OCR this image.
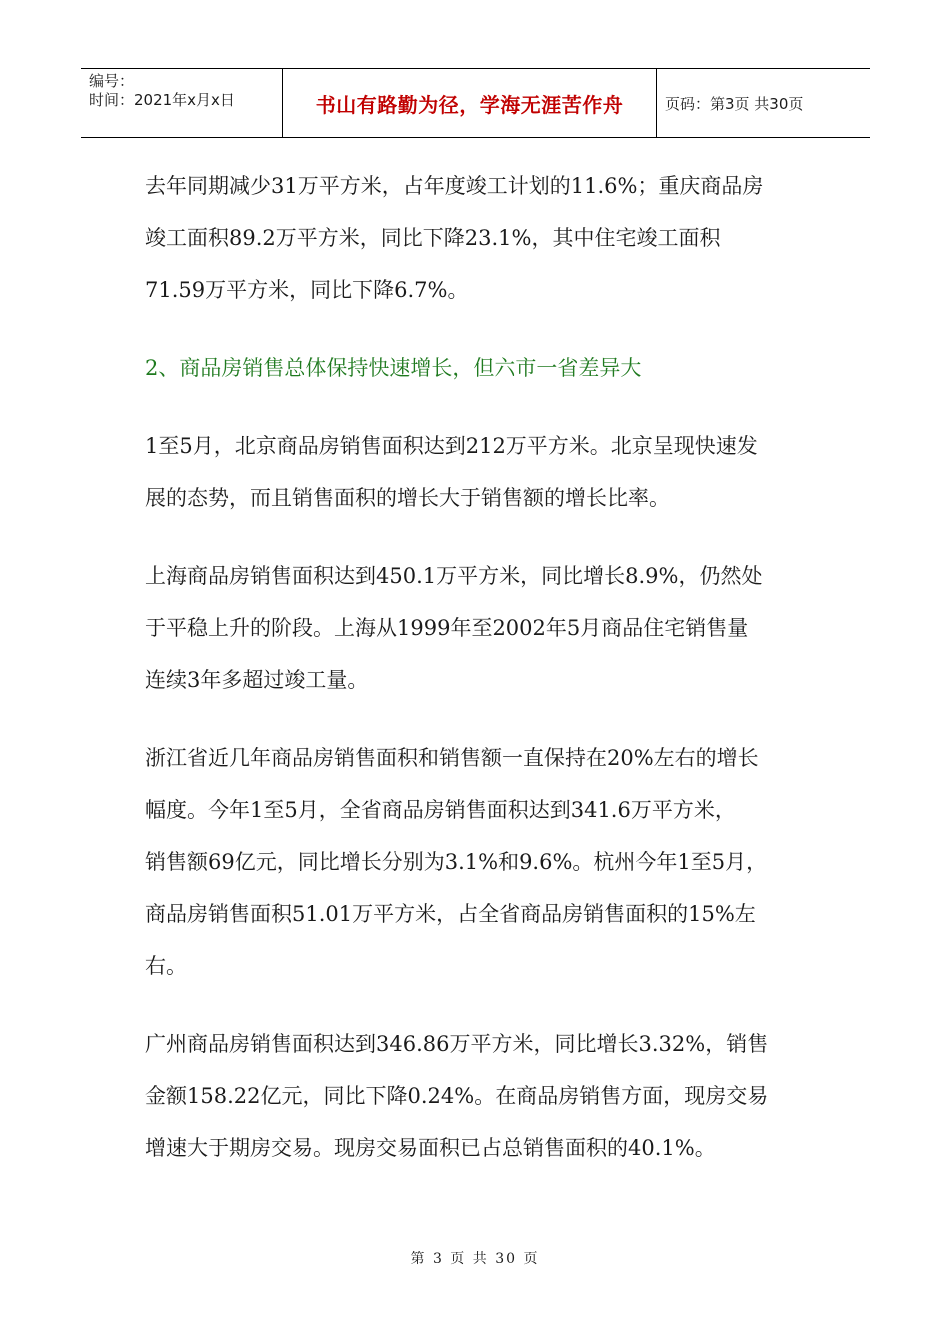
编号：
时间：2021年x月x日	书山有路勤为径，学海无涯苦作舟	页码：第3页 共30页
去年同期减少31万平方米，占年度竣工计划的11.6%；重庆商品房
竣工面积89.2万平方米，同比下降23.1%，其中住宅竣工面积
71.59万平方米，同比下降6.7%。
2、商品房销售总体保持快速增长，但六市一省差异大
1至5月，北京商品房销售面积达到212万平方米。北京呈现快速发
展的态势，而且销售面积的增长大于销售额的增长比率。
上海商品房销售面积达到450.1万平方米，同比增长8.9%，仍然处
于平稳上升的阶段。上海从1999年至2002年5月商品住宅销售量
连续3年多超过竣工量。
浙江省近几年商品房销售面积和销售额一直保持在20%左右的增长
幅度。今年1至5月，全省商品房销售面积达到341.6万平方米，
销售额69亿元，同比增长分别为3.1%和9.6%。杭州今年1至5月，
商品房销售面积51.01万平方米，占全省商品房销售面积的15%左
右。
广州商品房销售面积达到346.86万平方米，同比增长3.32%，销售
金额158.22亿元，同比下降0.24%。在商品房销售方面，现房交易
增速大于期房交易。现房交易面积已占总销售面积的40.1%。
第 3 页 共 30 页
